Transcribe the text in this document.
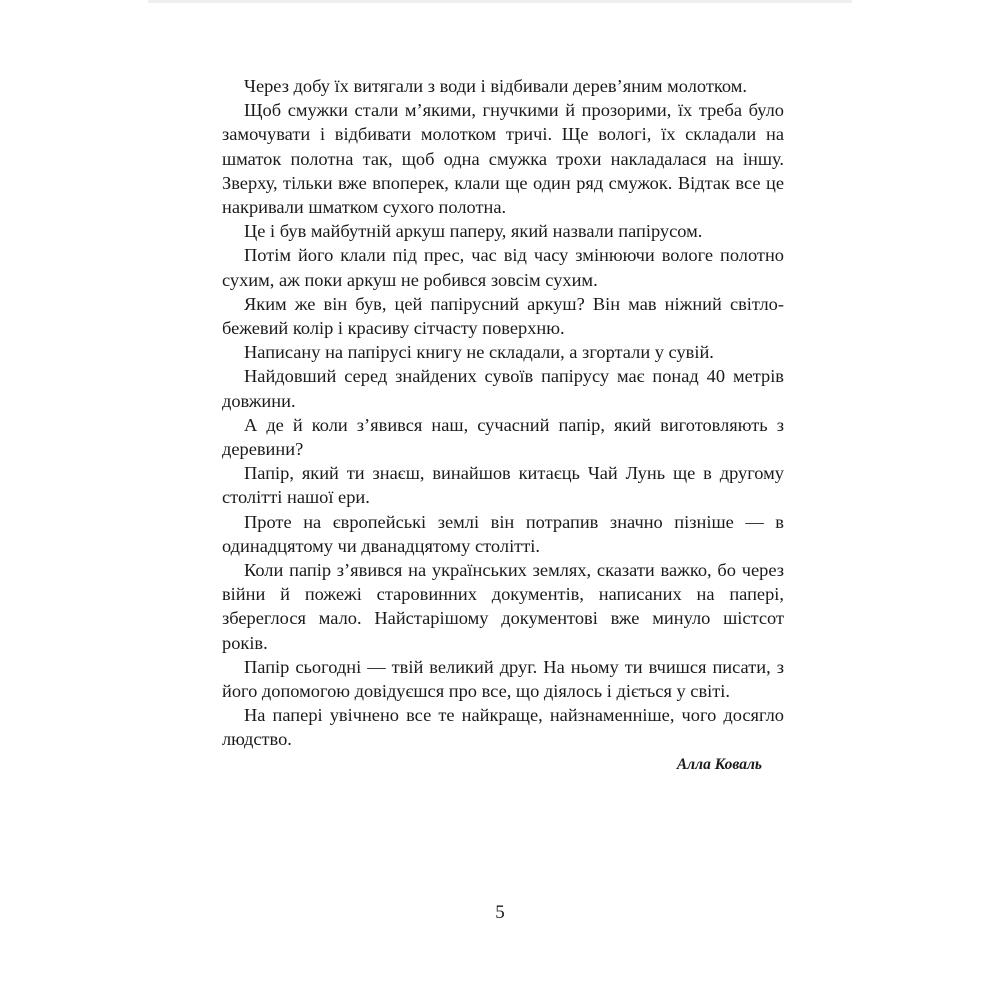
Через добу їх витягали з води і відбивали дерев’яним молотком.

Щоб смужки стали м’якими, гнучкими й прозорими, їх треба було замочувати і відбивати молотком тричі. Ще вологі, їх складали на шматок полотна так, щоб одна смужка трохи накладалася на іншу. Зверху, тільки вже впоперек, клали ще один ряд смужок. Відтак все це накривали шматком сухого полотна.

Це і був майбутній аркуш паперу, який назвали папірусом.

Потім його клали під прес, час від часу змінюючи вологе полотно сухим, аж поки аркуш не робився зовсім сухим.

Яким же він був, цей папірусний аркуш? Він мав ніжний світло-бежевий колір і красиву сітчасту поверхню.

Написану на папірусі книгу не складали, а згортали у сувій.

Найдовший серед знайдених сувоїв папірусу має понад 40 метрів довжини.

А де й коли з’явився наш, сучасний папір, який виготовляють з деревини?

Папір, який ти знаєш, винайшов китаєць Чай Лунь ще в другому столітті нашої ери.

Проте на європейські землі він потрапив значно пізніше — в одинадцятому чи дванадцятому столітті.

Коли папір з’явився на українських землях, сказати важко, бо через війни й пожежі старовинних документів, написаних на папері, збереглося мало. Найстарішому документові вже минуло шістсот років.

Папір сьогодні — твій великий друг. На ньому ти вчишся писати, з його допомогою довідуєшся про все, що діялось і діється у світі.

На папері увічнено все те найкраще, найзнаменніше, чого досягло людство.

Алла Коваль

5
